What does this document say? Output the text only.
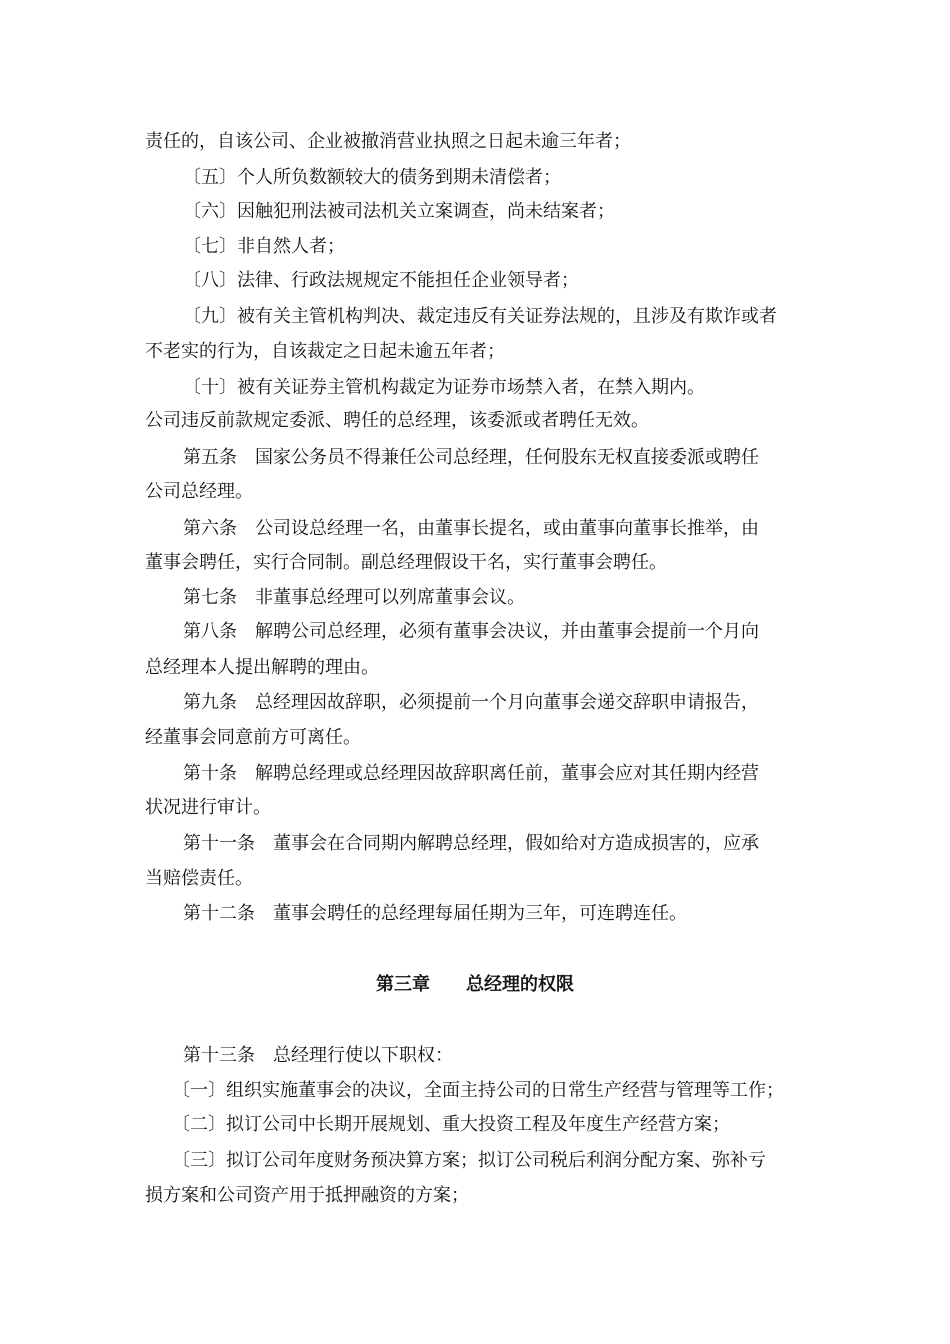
责任的，自该公司、企业被撤消营业执照之日起未逾三年者；
〔五〕个人所负数额较大的债务到期未清偿者；
〔六〕因触犯刑法被司法机关立案调查，尚未结案者；
〔七〕非自然人者；
〔八〕法律、行政法规规定不能担任企业领导者；
〔九〕被有关主管机构判决、裁定违反有关证券法规的，且涉及有欺诈或者
不老实的行为，自该裁定之日起未逾五年者；
〔十〕被有关证券主管机构裁定为证券市场禁入者，在禁入期内。
公司违反前款规定委派、聘任的总经理，该委派或者聘任无效。
第五条　国家公务员不得兼任公司总经理，任何股东无权直接委派或聘任
公司总经理。
第六条　公司设总经理一名，由董事长提名，或由董事向董事长推举，由
董事会聘任，实行合同制。副总经理假设干名，实行董事会聘任。
第七条　非董事总经理可以列席董事会议。
第八条　解聘公司总经理，必须有董事会决议，并由董事会提前一个月向
总经理本人提出解聘的理由。
第九条　总经理因故辞职，必须提前一个月向董事会递交辞职申请报告，
经董事会同意前方可离任。
第十条　解聘总经理或总经理因故辞职离任前，董事会应对其任期内经营
状况进行审计。
第十一条　董事会在合同期内解聘总经理，假如给对方造成损害的，应承
当赔偿责任。
第十二条　董事会聘任的总经理每届任期为三年，可连聘连任。
第三章　　总经理的权限
第十三条　总经理行使以下职权：
〔一〕组织实施董事会的决议，全面主持公司的日常生产经营与管理等工作；
〔二〕拟订公司中长期开展规划、重大投资工程及年度生产经营方案；
〔三〕拟订公司年度财务预决算方案；拟订公司税后利润分配方案、弥补亏
损方案和公司资产用于抵押融资的方案；
